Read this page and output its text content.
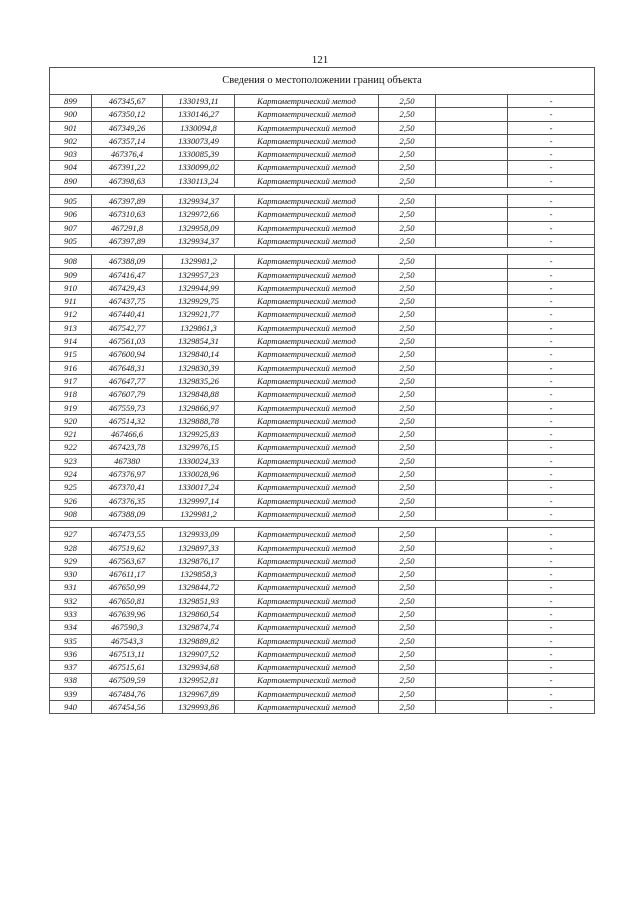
121
Сведения о местоположении границ объекта						
899	467345,67	1330193,11	Картометрический метод	2,50		-
900	467350,12	1330146,27	Картометрический метод	2,50		-
901	467349,26	1330094,8	Картометрический метод	2,50		-
902	467357,14	1330073,49	Картометрический метод	2,50		-
903	467376,4	1330085,39	Картометрический метод	2,50		-
904	467391,22	1330099,02	Картометрический метод	2,50		-
890	467398,63	1330113,24	Картометрический метод	2,50		-

905	467397,89	1329934,37	Картометрический метод	2,50		-
906	467310,63	1329972,66	Картометрический метод	2,50		-
907	467291,8	1329958,09	Картометрический метод	2,50		-
905	467397,89	1329934,37	Картометрический метод	2,50		-

908	467388,09	1329981,2	Картометрический метод	2,50		-
909	467416,47	1329957,23	Картометрический метод	2,50		-
910	467429,43	1329944,99	Картометрический метод	2,50		-
911	467437,75	1329929,75	Картометрический метод	2,50		-
912	467440,41	1329921,77	Картометрический метод	2,50		-
913	467542,77	1329861,3	Картометрический метод	2,50		-
914	467561,03	1329854,31	Картометрический метод	2,50		-
915	467600,94	1329840,14	Картометрический метод	2,50		-
916	467648,31	1329830,39	Картометрический метод	2,50		-
917	467647,77	1329835,26	Картометрический метод	2,50		-
918	467607,79	1329848,88	Картометрический метод	2,50		-
919	467559,73	1329866,97	Картометрический метод	2,50		-
920	467514,32	1329888,78	Картометрический метод	2,50		-
921	467466,6	1329925,83	Картометрический метод	2,50		-
922	467423,78	1329976,15	Картометрический метод	2,50		-
923	467380	1330024,33	Картометрический метод	2,50		-
924	467376,97	1330028,96	Картометрический метод	2,50		-
925	467370,41	1330017,24	Картометрический метод	2,50		-
926	467376,35	1329997,14	Картометрический метод	2,50		-
908	467388,09	1329981,2	Картометрический метод	2,50		-

927	467473,55	1329933,09	Картометрический метод	2,50		-
928	467519,62	1329897,33	Картометрический метод	2,50		-
929	467563,67	1329876,17	Картометрический метод	2,50		-
930	467611,17	1329858,3	Картометрический метод	2,50		-
931	467650,99	1329844,72	Картометрический метод	2,50		-
932	467650,81	1329851,93	Картометрический метод	2,50		-
933	467639,96	1329860,54	Картометрический метод	2,50		-
934	467590,3	1329874,74	Картометрический метод	2,50		-
935	467543,3	1329889,82	Картометрический метод	2,50		-
936	467513,11	1329907,52	Картометрический метод	2,50		-
937	467515,61	1329934,68	Картометрический метод	2,50		-
938	467509,59	1329952,81	Картометрический метод	2,50		-
939	467484,76	1329967,89	Картометрический метод	2,50		-
940	467454,56	1329993,86	Картометрический метод	2,50		-
